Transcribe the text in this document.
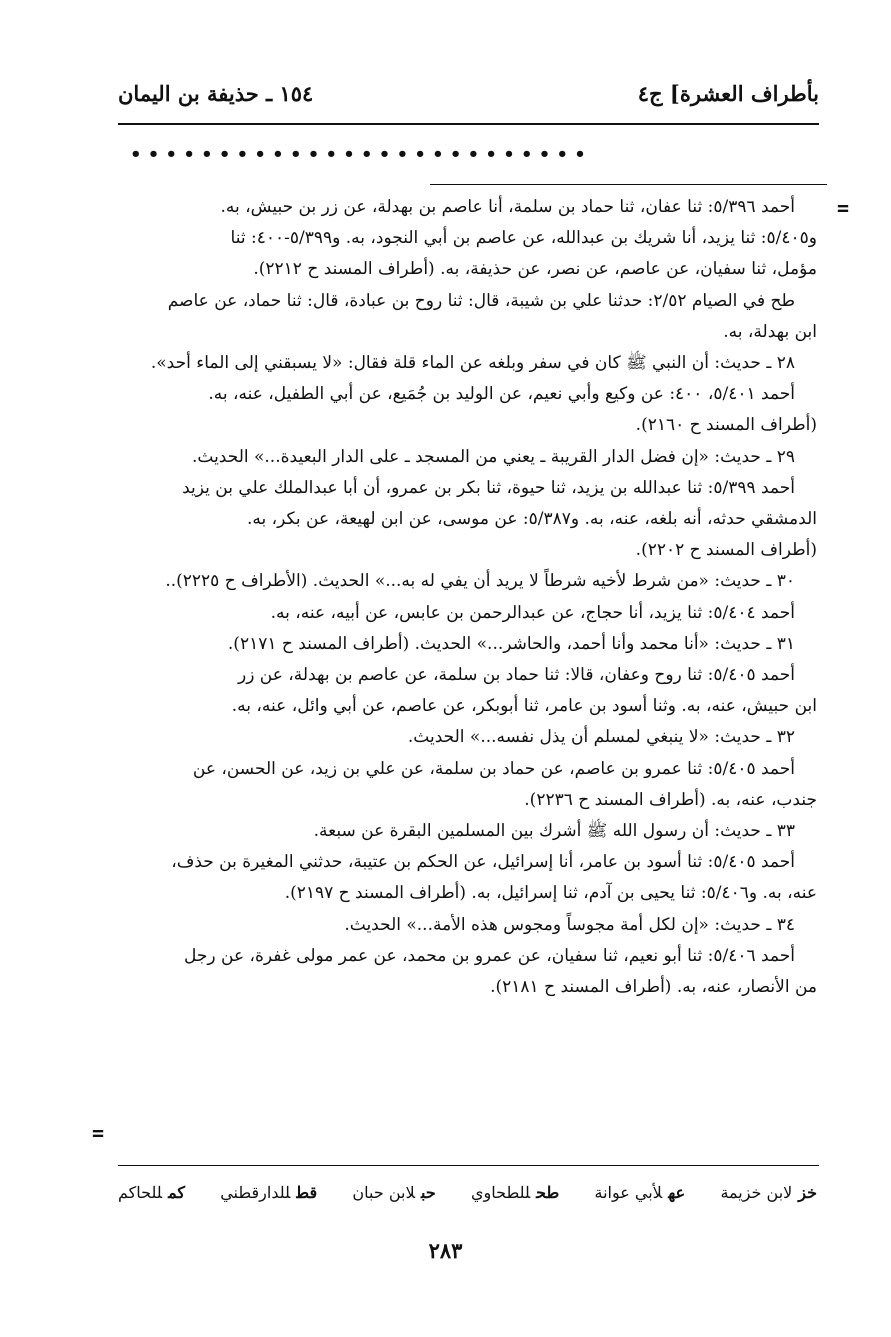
بأطراف العشرة] ج٤
١٥٤ ـ حذيفة بن اليمان
• • • • • • • • • • • • • • • • • • • • • • • • • •
=
=

أحمد ٥/٣٩٦: ثنا عفان، ثنا حماد بن سلمة، أنا عاصم بن بهدلة، عن زر بن حبيش، به.

و٥/٤٠٥: ثنا يزيد، أنا شريك بن عبدالله، عن عاصم بن أبي النجود، به. و٥/٣٩٩-٤٠٠: ثنا

مؤمل، ثنا سفيان، عن عاصم، عن نصر، عن حذيفة، به. (أطراف المسند ح ٢٢١٢).

طح في الصيام ٢/٥٢: حدثنا علي بن شيبة، قال: ثنا روح بن عبادة، قال: ثنا حماد، عن عاصم

ابن بهدلة، به.

٢٨ ـ حديث: أن النبي ﷺ كان في سفر وبلغه عن الماء قلة فقال: «لا يسبقني إلى الماء أحد».

أحمد ٥/٤٠١، ٤٠٠: عن وكيع وأبي نعيم، عن الوليد بن جُمَيع، عن أبي الطفيل، عنه، به.

(أطراف المسند ح ٢١٦٠).

٢٩ ـ حديث: «إن فضل الدار القريبة ـ يعني من المسجد ـ على الدار البعيدة...» الحديث.

أحمد ٥/٣٩٩: ثنا عبدالله بن يزيد، ثنا حيوة، ثنا بكر بن عمرو، أن أبا عبدالملك علي بن يزيد

الدمشقي حدثه، أنه بلغه، عنه، به. و٥/٣٨٧: عن موسى، عن ابن لهيعة، عن بكر، به.

(أطراف المسند ح ٢٢٠٢).

٣٠ ـ حديث: «من شرط لأخيه شرطاً لا يريد أن يفي له به...» الحديث. (الأطراف ح ٢٢٢٥)..

أحمد ٥/٤٠٤: ثنا يزيد، أنا حجاج، عن عبدالرحمن بن عابس، عن أبيه، عنه، به.

٣١ ـ حديث: «أنا محمد وأنا أحمد، والحاشر...» الحديث. (أطراف المسند ح ٢١٧١).

أحمد ٥/٤٠٥: ثنا روح وعفان، قالا: ثنا حماد بن سلمة، عن عاصم بن بهدلة، عن زر

ابن حبيش، عنه، به. وثنا أسود بن عامر، ثنا أبوبكر، عن عاصم، عن أبي وائل، عنه، به.

٣٢ ـ حديث: «لا ينبغي لمسلم أن يذل نفسه...» الحديث.

أحمد ٥/٤٠٥: ثنا عمرو بن عاصم، عن حماد بن سلمة، عن علي بن زيد، عن الحسن، عن

جندب، عنه، به. (أطراف المسند ح ٢٢٣٦).

٣٣ ـ حديث: أن رسول الله ﷺ أشرك بين المسلمين البقرة عن سبعة.

أحمد ٥/٤٠٥: ثنا أسود بن عامر، أنا إسرائيل، عن الحكم بن عتيبة، حدثني المغيرة بن حذف،

عنه، به. و٥/٤٠٦: ثنا يحيى بن آدم، ثنا إسرائيل، به. (أطراف المسند ح ٢١٩٧).

٣٤ ـ حديث: «إن لكل أمة مجوساً ومجوس هذه الأمة...» الحديث.

أحمد ٥/٤٠٦: ثنا أبو نعيم، ثنا سفيان، عن عمرو بن محمد، عن عمر مولى غفرة، عن رجل

من الأنصار، عنه، به. (أطراف المسند ح ٢١٨١).

خزلابن خزيمة
عهلأبي عوانة
طحللطحاوي
حبلابن حبان
قطللدارقطني
كمللحاكم
٢٨٣
